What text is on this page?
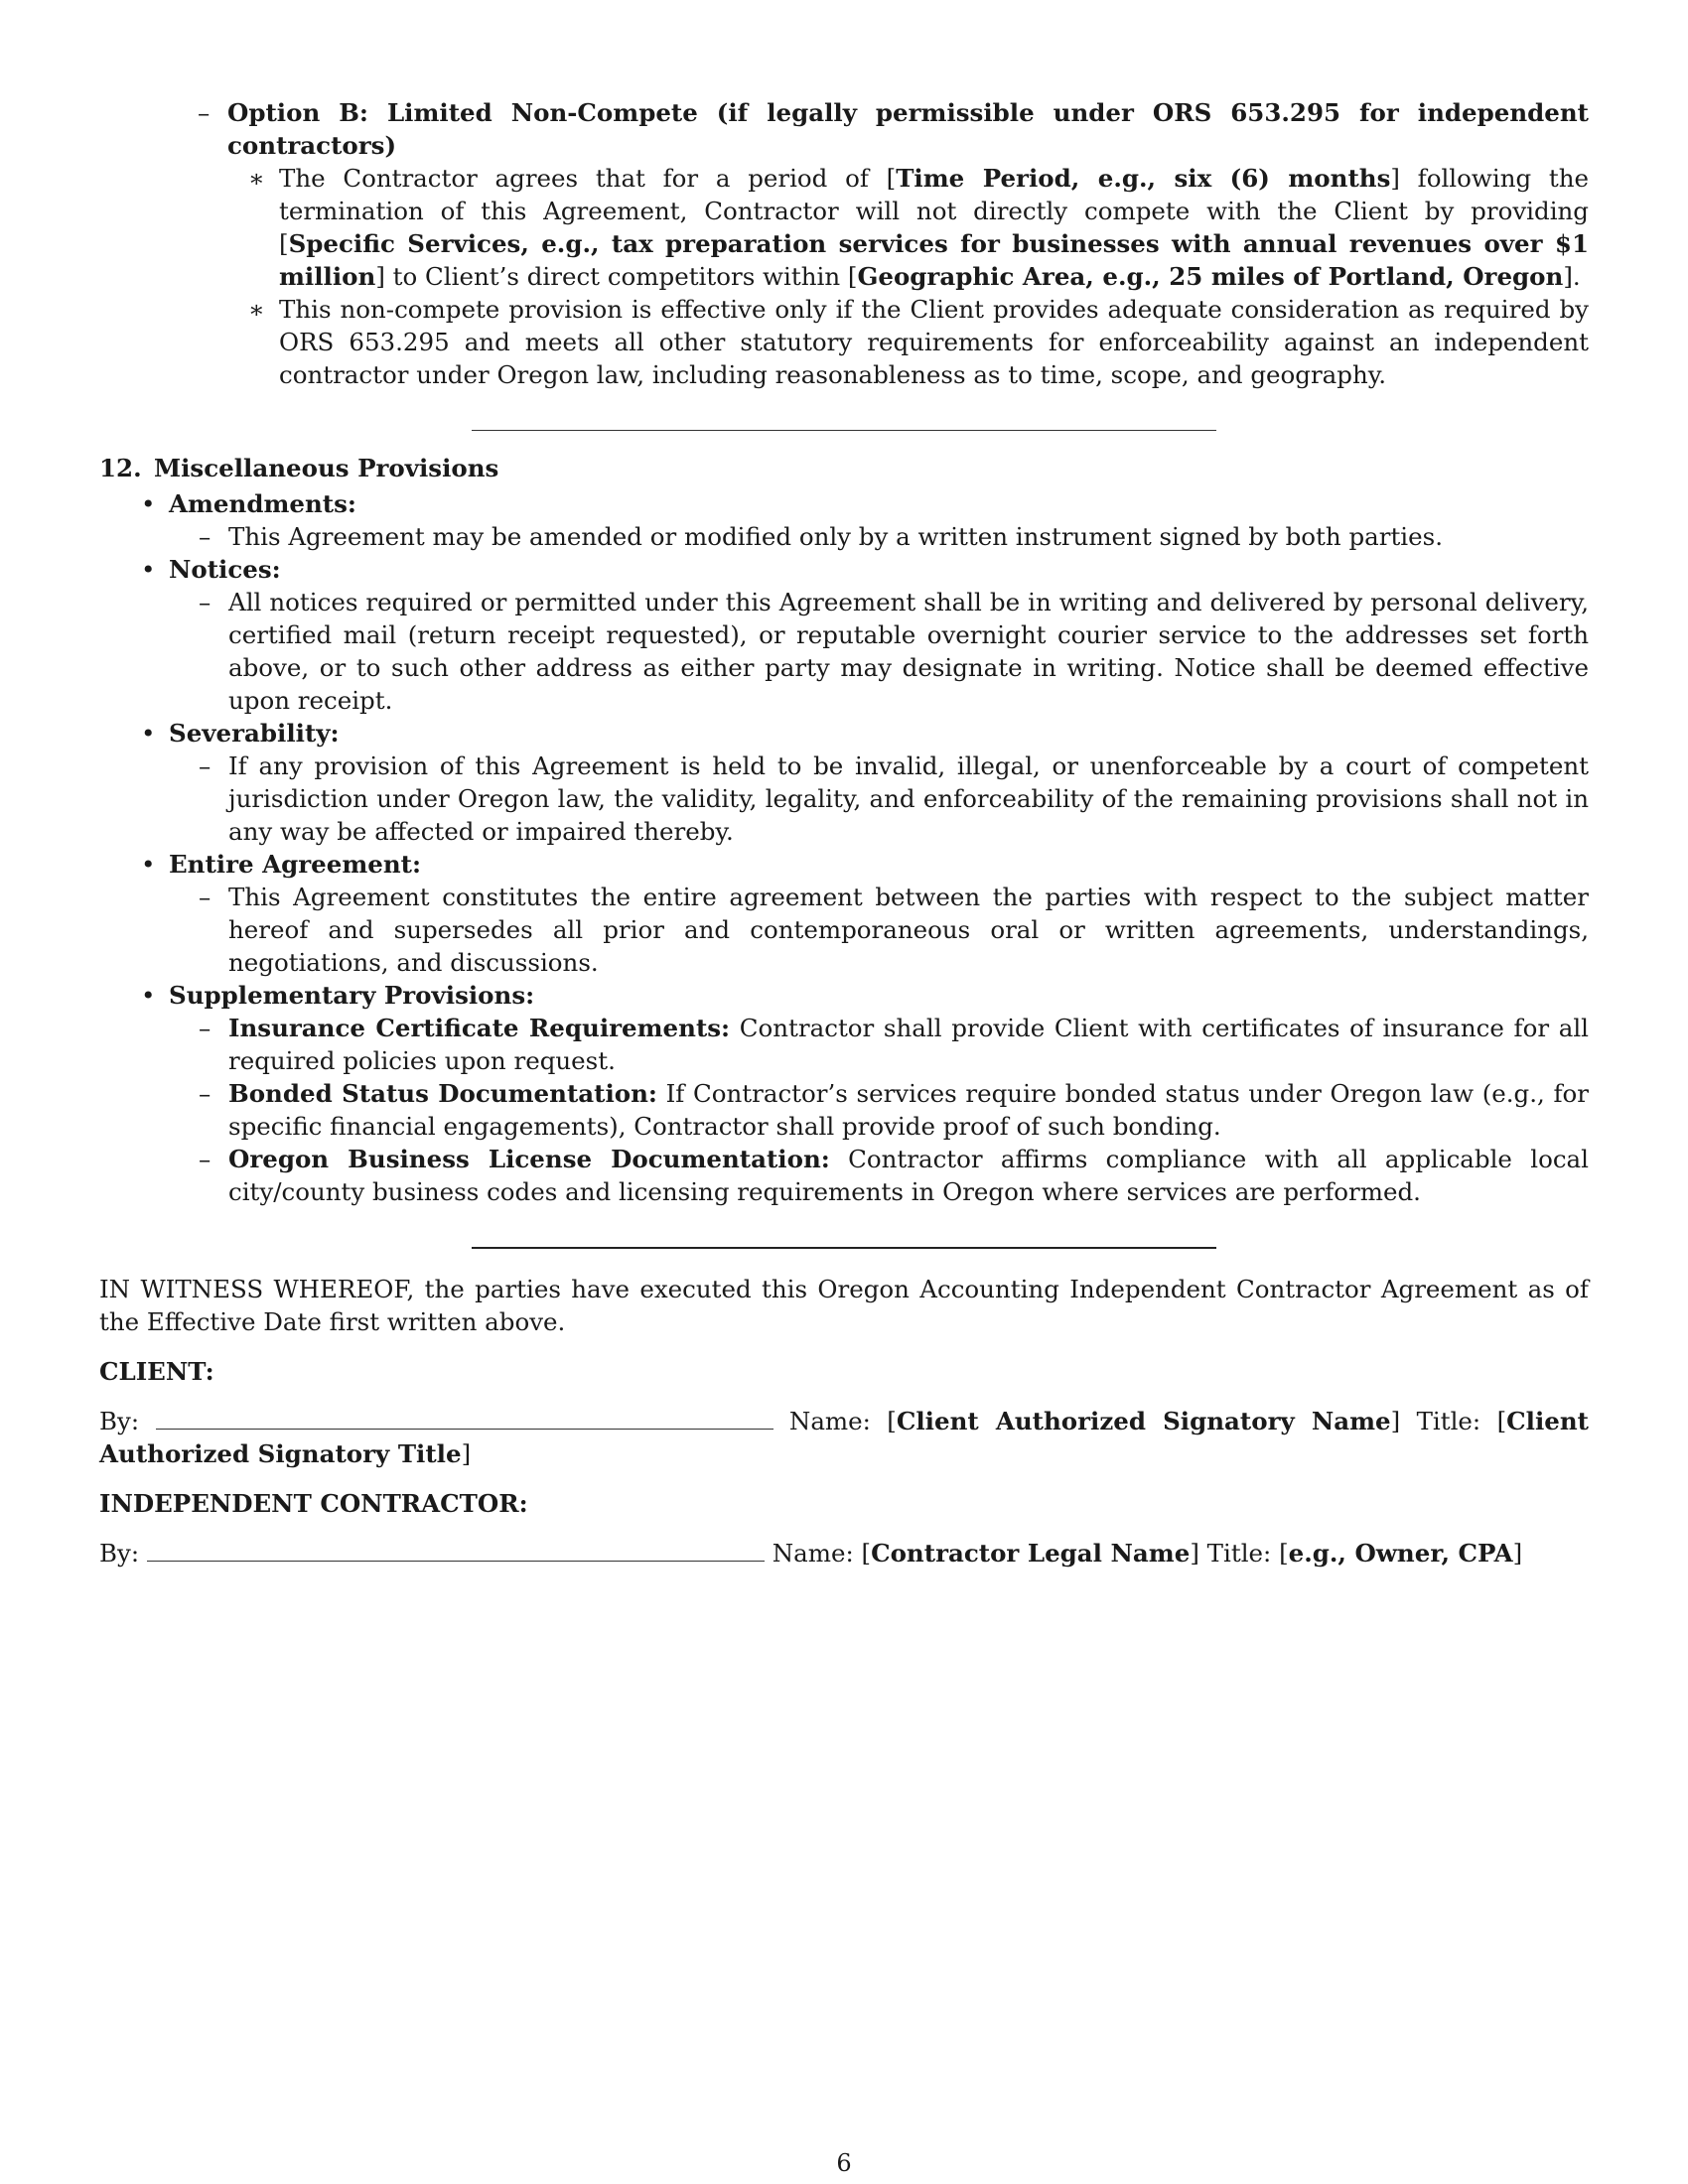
– Option B: Limited Non-Compete (if legally permissible under ORS 653.295 for independent contractors)
∗ The Contractor agrees that for a period of [Time Period, e.g., six (6) months] following the termination of this Agreement, Contractor will not directly compete with the Client by providing [Specific Services, e.g., tax preparation services for businesses with annual revenues over $1 million] to Client’s direct competitors within [Geographic Area, e.g., 25 miles of Portland, Oregon].
∗ This non-compete provision is effective only if the Client provides adequate consideration as required by ORS 653.295 and meets all other statutory requirements for enforceability against an independent contractor under Oregon law, including reasonableness as to time, scope, and geography.

12. Miscellaneous Provisions

• Amendments:
– This Agreement may be amended or modified only by a written instrument signed by both parties.
• Notices:
– All notices required or permitted under this Agreement shall be in writing and delivered by personal delivery, certified mail (return receipt requested), or reputable overnight courier service to the addresses set forth above, or to such other address as either party may designate in writing. Notice shall be deemed effective upon receipt.
• Severability:
– If any provision of this Agreement is held to be invalid, illegal, or unenforceable by a court of competent jurisdiction under Oregon law, the validity, legality, and enforceability of the remaining provisions shall not in any way be affected or impaired thereby.
• Entire Agreement:
– This Agreement constitutes the entire agreement between the parties with respect to the subject matter hereof and supersedes all prior and contemporaneous oral or written agreements, understandings, negotiations, and discussions.
• Supplementary Provisions:
– Insurance Certificate Requirements: Contractor shall provide Client with certificates of insurance for all required policies upon request.
– Bonded Status Documentation: If Contractor’s services require bonded status under Oregon law (e.g., for specific financial engagements), Contractor shall provide proof of such bonding.
– Oregon Business License Documentation: Contractor affirms compliance with all applicable local city/county business codes and licensing requirements in Oregon where services are performed.
IN WITNESS WHEREOF, the parties have executed this Oregon Accounting Independent Contractor Agreement as of the Effective Date first written above.
CLIENT:
By:	Name: [Client Authorized Signatory Name] Title: [Client Authorized Signatory Title]
INDEPENDENT CONTRACTOR:
By:	Name: [Contractor Legal Name] Title: [e.g., Owner, CPA]
6
